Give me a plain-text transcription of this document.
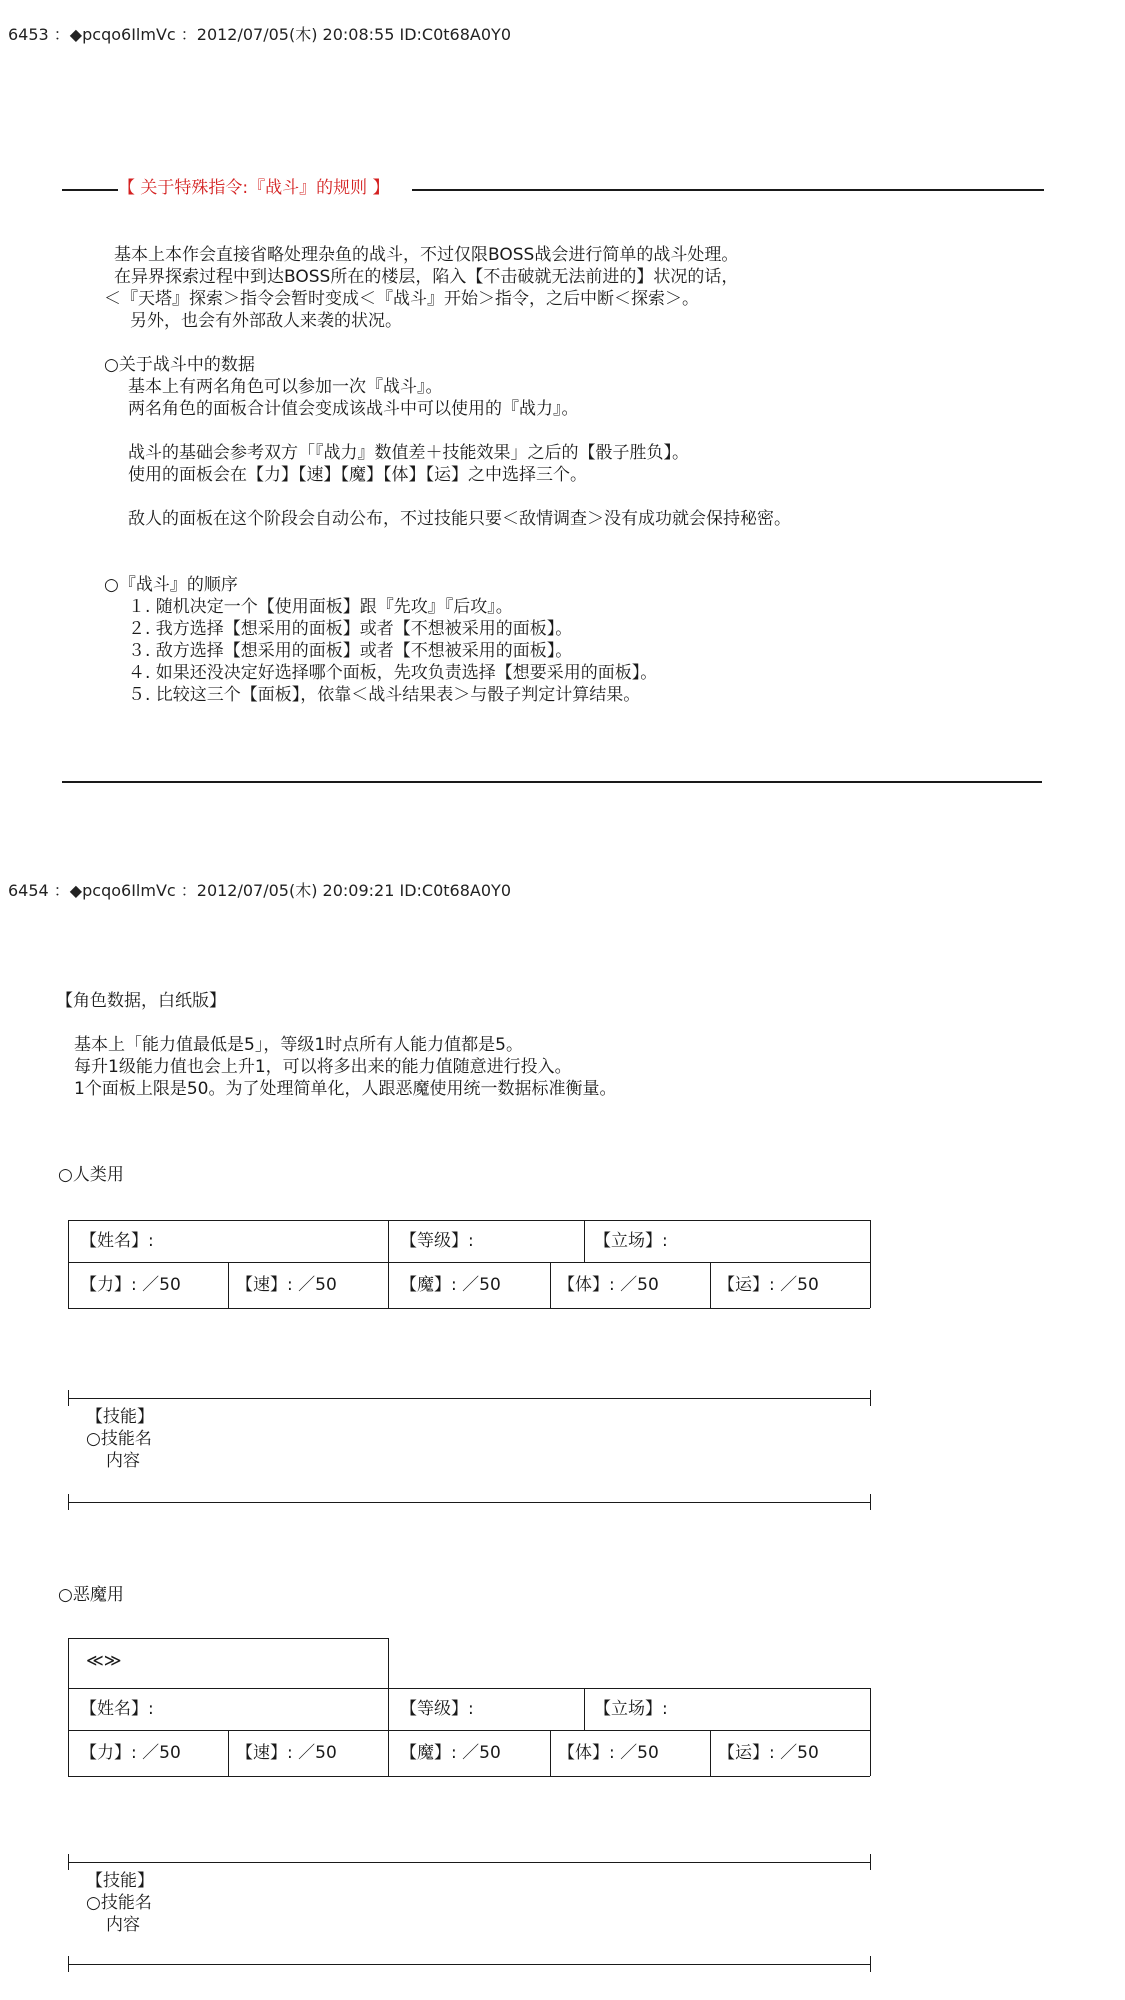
6453 ：◆pcqo6IlmVc ：2012/07/05(木) 20:08:55 ID:C0t68A0Y0
【 关于特殊指令:『战斗』的规则 】
基本上本作会直接省略处理杂鱼的战斗，不过仅限BOSS战会进行简单的战斗处理。
在异界探索过程中到达BOSS所在的楼层，陷入【不击破就无法前进的】状况的话，
＜『天塔』探索＞指令会暂时变成＜『战斗』开始＞指令，之后中断＜探索＞。
另外，也会有外部敌人来袭的状况。
○关于战斗中的数据
基本上有两名角色可以参加一次『战斗』。
两名角色的面板合计值会变成该战斗中可以使用的『战力』。
战斗的基础会参考双方「『战力』数值差＋技能效果」之后的【骰子胜负】。
使用的面板会在【力】【速】【魔】【体】【运】之中选择三个。
敌人的面板在这个阶段会自动公布，不过技能只要＜敌情调查＞没有成功就会保持秘密。
○『战斗』的顺序
１. 随机决定一个【使用面板】跟『先攻』『后攻』。
２. 我方选择【想采用的面板】或者【不想被采用的面板】。
３. 敌方选择【想采用的面板】或者【不想被采用的面板】。
４. 如果还没决定好选择哪个面板，先攻负责选择【想要采用的面板】。
５. 比较这三个【面板】，依靠＜战斗结果表＞与骰子判定计算结果。
6454 ：◆pcqo6IlmVc ：2012/07/05(木) 20:09:21 ID:C0t68A0Y0
【角色数据，白纸版】
基本上「能力值最低是5」，等级1时点所有人能力值都是5。
每升1级能力值也会上升1，可以将多出来的能力值随意进行投入。
1个面板上限是50。为了处理简单化，人跟恶魔使用统一数据标准衡量。
○人类用
【姓名】:	【等级】:	【立场】:
【力】: ／50	【速】: ／50	【魔】: ／50	【体】: ／50	【运】: ／50
【技能】
○技能名
内容
○恶魔用
≪≫
【姓名】:	【等级】:	【立场】:
【力】: ／50	【速】: ／50	【魔】: ／50	【体】: ／50	【运】: ／50
【技能】
○技能名
内容
